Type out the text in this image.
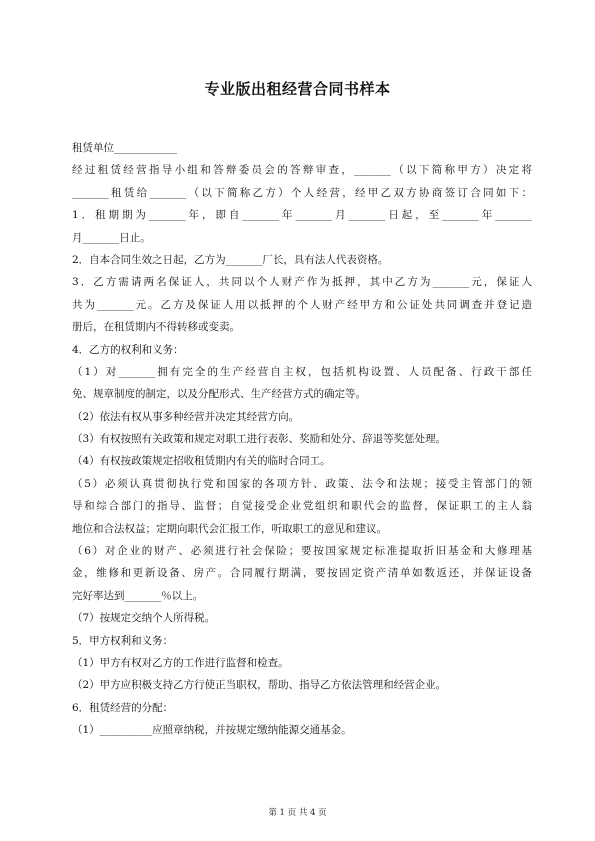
专业版出租经营合同书样本
租赁单位____________
经过租赁经营指导小组和答辩委员会的答辩审查，_______（以下简称甲方）决定将
_______租赁给_______（以下简称乙方）个人经营，经甲乙双方协商签订合同如下：
1．租期期为_______年，即自_______年_______月_______日起，至_______年_______
月_______日止。
2．自本合同生效之日起，乙方为_______厂长，具有法人代表资格。
3．乙方需请两名保证人，共同以个人财产作为抵押，其中乙方为_______元，保证人
共为_______元。乙方及保证人用以抵押的个人财产经甲方和公证处共同调查并登记造
册后，在租赁期内不得转移或变卖。
4．乙方的权利和义务：
（1）对_______拥有完全的生产经营自主权，包括机构设置、人员配备、行政干部任
免、规章制度的制定，以及分配形式、生产经营方式的确定等。
（2）依法有权从事多种经营并决定其经营方向。
（3）有权按照有关政策和规定对职工进行表彰、奖励和处分、辞退等奖惩处理。
（4）有权按政策规定招收租赁期内有关的临时合同工。
（5）必须认真贯彻执行党和国家的各项方针、政策、法令和法规；接受主管部门的领
导和综合部门的指导、监督；自觉接受企业党组织和职代会的监督，保证职工的主人翁
地位和合法权益；定期向职代会汇报工作，听取职工的意见和建议。
（6）对企业的财产、必须进行社会保险；要按国家规定标准提取折旧基金和大修理基
金，维修和更新设备、房产。合同履行期满，要按固定资产清单如数返还，并保证设备
完好率达到_______％以上。
（7）按规定交纳个人所得税。
5．甲方权利和义务：
（1）甲方有权对乙方的工作进行监督和检查。
（2）甲方应积极支持乙方行使正当职权，帮助、指导乙方依法管理和经营企业。
6．租赁经营的分配：
（1）__________应照章纳税，并按规定缴纳能源交通基金。
第 1 页 共 4 页
